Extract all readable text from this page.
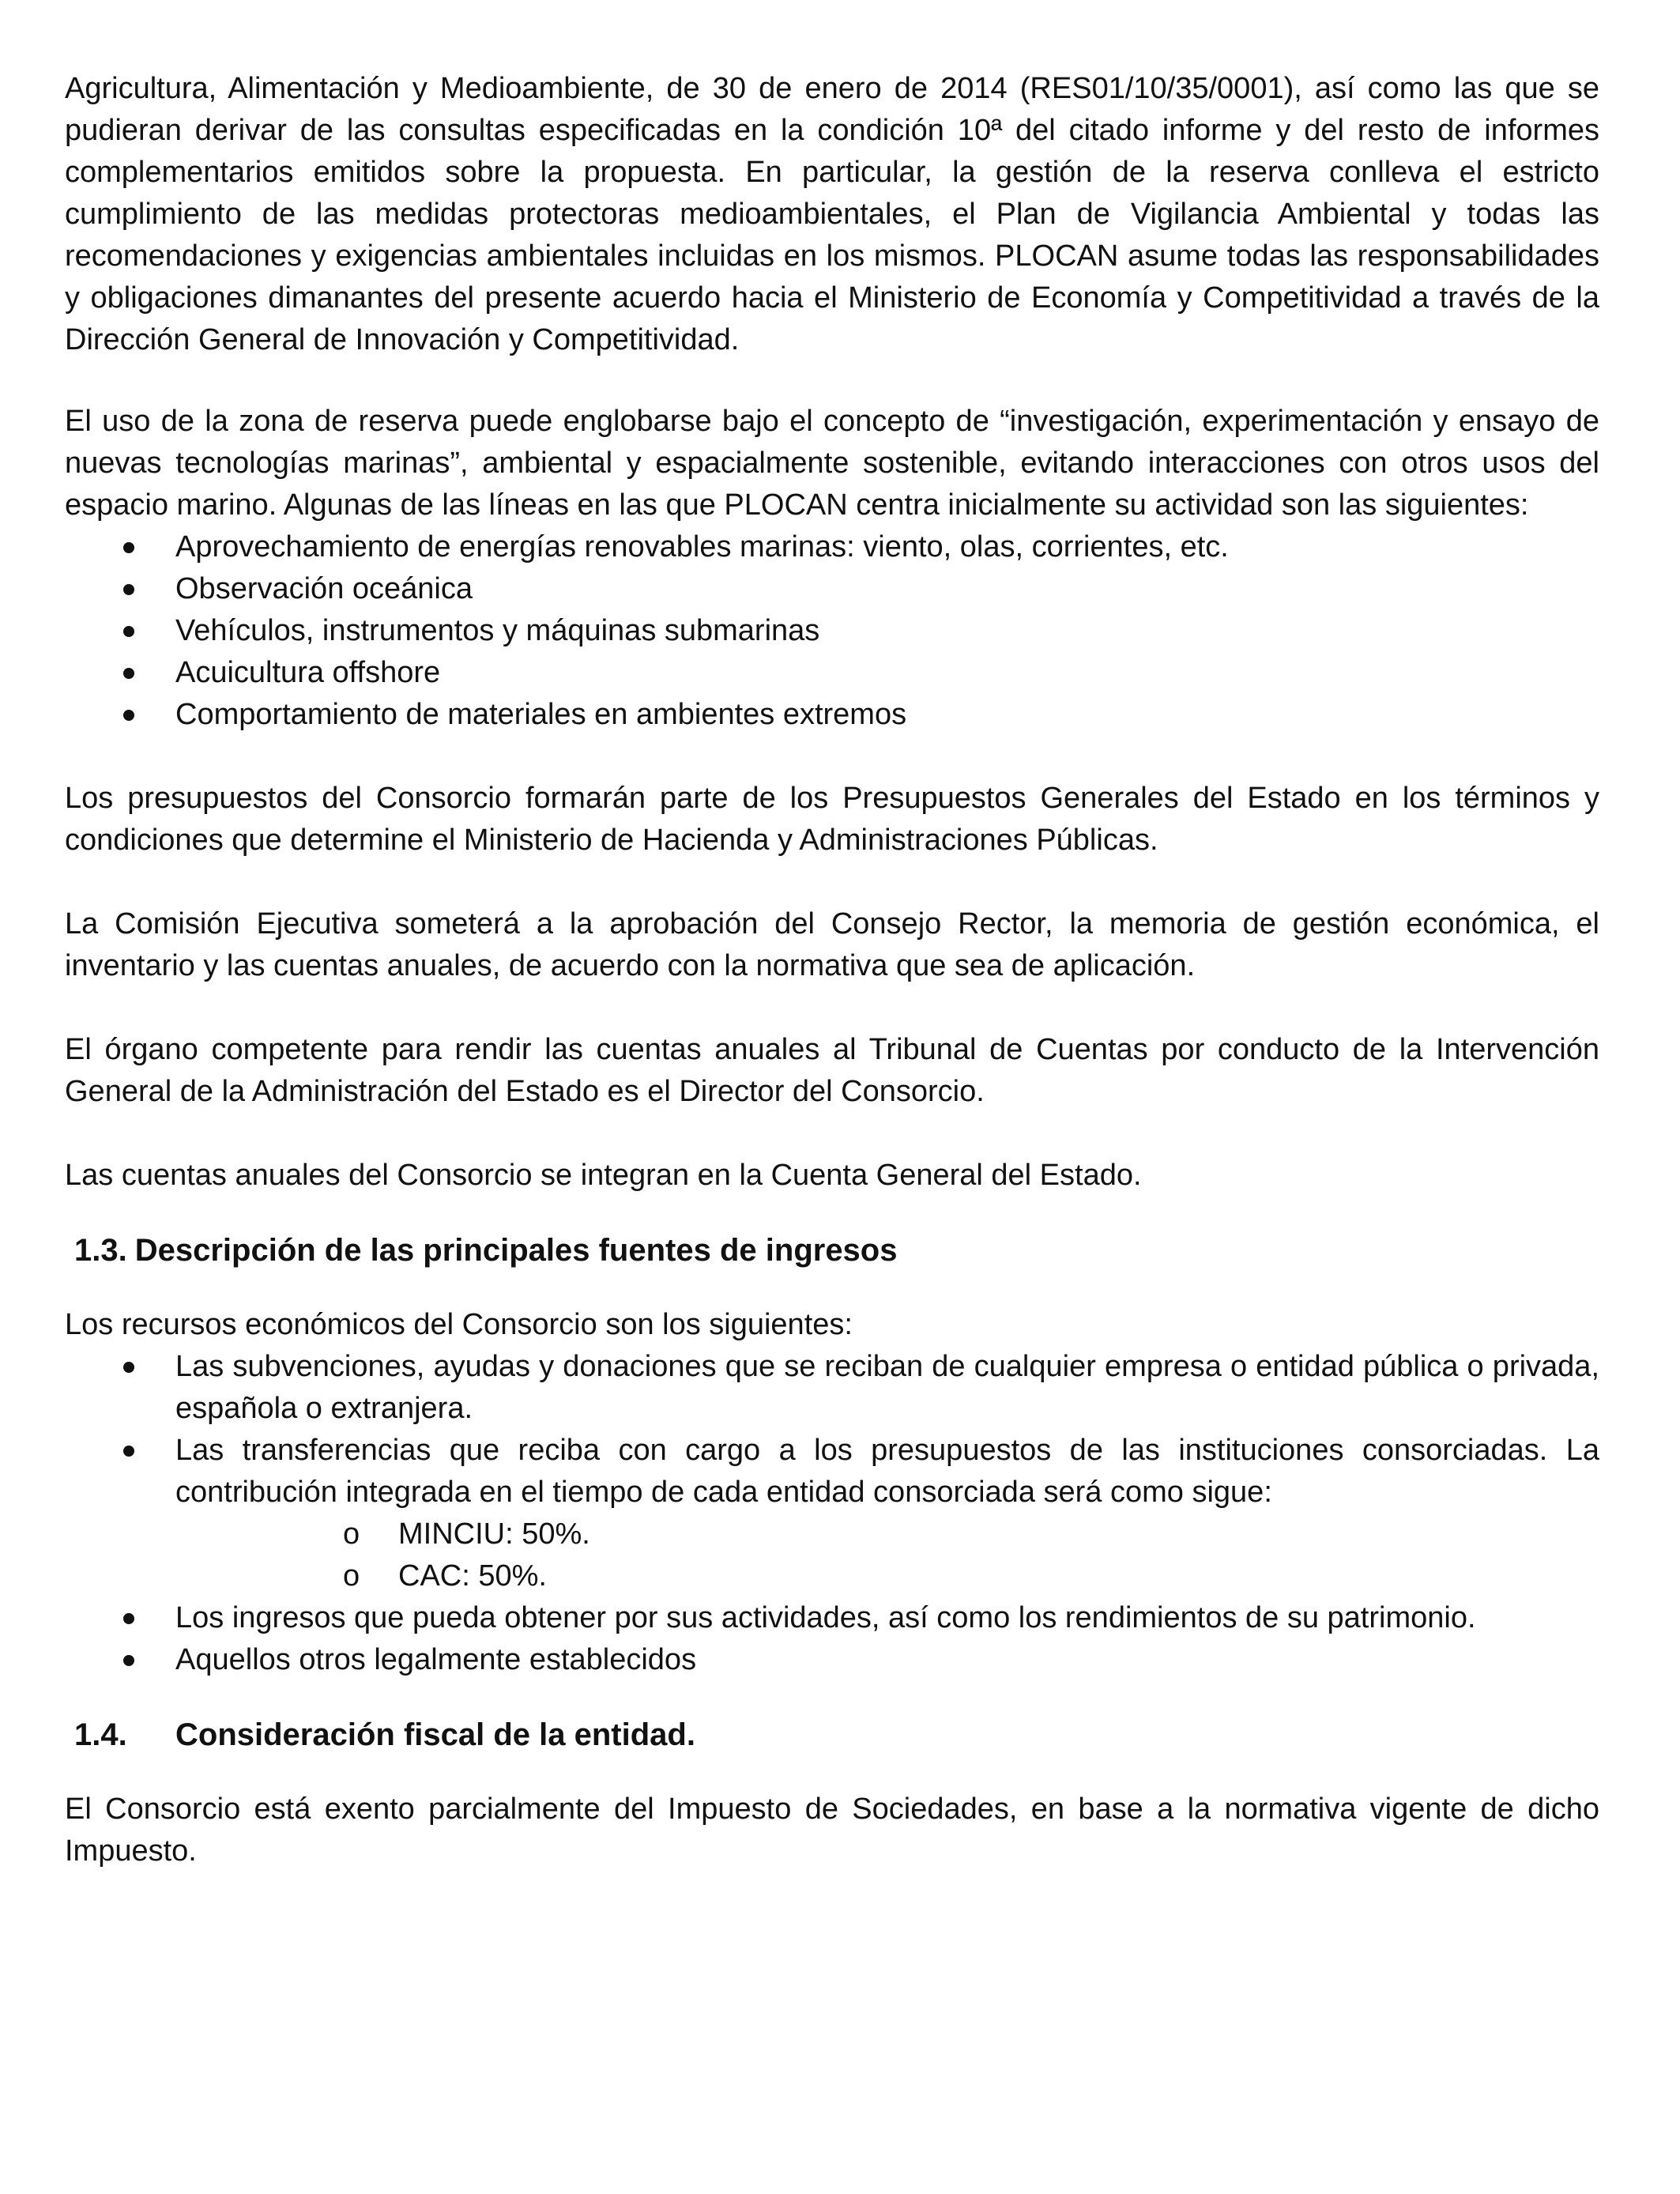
Agricultura, Alimentación y Medioambiente, de 30 de enero de 2014 (RES01/10/35/0001), así como las que se pudieran derivar de las consultas especificadas en la condición 10ª del citado informe y del resto de informes complementarios emitidos sobre la propuesta. En particular, la gestión de la reserva conlleva el estricto cumplimiento de las medidas protectoras medioambientales, el Plan de Vigilancia Ambiental y todas las recomendaciones y exigencias ambientales incluidas en los mismos. PLOCAN asume todas las responsabilidades y obligaciones dimanantes del presente acuerdo hacia el Ministerio de Economía y Competitividad a través de la Dirección General de Innovación y Competitividad.

El uso de la zona de reserva puede englobarse bajo el concepto de “investigación, experimentación y ensayo de nuevas tecnologías marinas”, ambiental y espacialmente sostenible, evitando interacciones con otros usos del espacio marino. Algunas de las líneas en las que PLOCAN centra inicialmente su actividad son las siguientes:

Aprovechamiento de energías renovables marinas: viento, olas, corrientes, etc.
Observación oceánica
Vehículos, instrumentos y máquinas submarinas
Acuicultura offshore
Comportamiento de materiales en ambientes extremos

Los presupuestos del Consorcio formarán parte de los Presupuestos Generales del Estado en los términos y condiciones que determine el Ministerio de Hacienda y Administraciones Públicas.

La Comisión Ejecutiva someterá a la aprobación del Consejo Rector, la memoria de gestión económica, el inventario y las cuentas anuales, de acuerdo con la normativa que sea de aplicación.

El órgano competente para rendir las cuentas anuales al Tribunal de Cuentas por conducto de la Intervención General de la Administración del Estado es el Director del Consorcio.

Las cuentas anuales del Consorcio se integran en la Cuenta General del Estado.

1.3. Descripción de las principales fuentes de ingresos

Los recursos económicos del Consorcio son los siguientes:

Las subvenciones, ayudas y donaciones que se reciban de cualquier empresa o entidad pública o privada, española o extranjera.
Las transferencias que reciba con cargo a los presupuestos de las instituciones consorciadas. La contribución integrada en el tiempo de cada entidad consorciada será como sigue:
o MINCIU: 50%.
o CAC: 50%.
Los ingresos que pueda obtener por sus actividades, así como los rendimientos de su patrimonio.
Aquellos otros legalmente establecidos
1.4. Consideración fiscal de la entidad.

El Consorcio está exento parcialmente del Impuesto de Sociedades, en base a la normativa vigente de dicho Impuesto.
